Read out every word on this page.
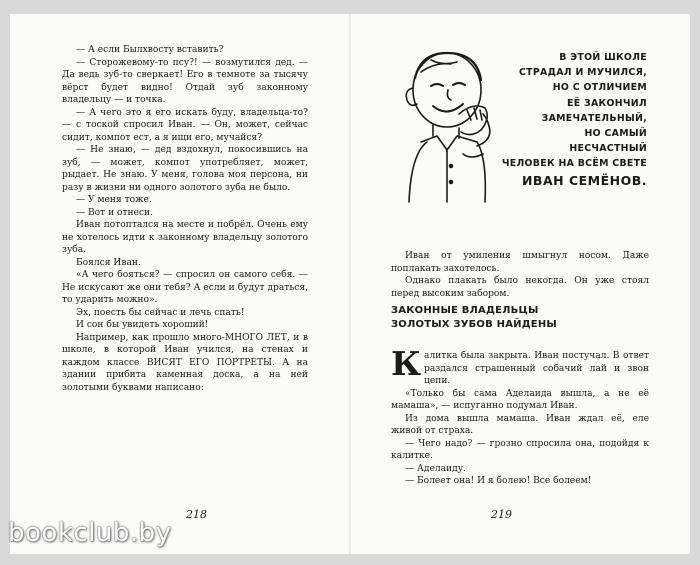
— А если Былхвосту вставить?

— Сторожевому-то псу?! — возмутился дед. — Да ведь зуб-то сверкает! Его в темноте за тысячу вёрст будет видно! Отдай зуб законному владельцу — и точка.

— А чего это я его искать буду, владельца-то? — с тоской спросил Иван. — Он, может, сейчас сидит, компот ест, а я ищи его, мучайся?

— Не знаю, — дед вздохнул, покосившись на зуб, — может, компот употребляет, может, рыдает. Не знаю. У меня, голова моя персона, ни разу в жизни ни одного золотого зуба не было.

— У меня тоже.

— Вот и отнеси.

Иван потоптался на месте и побрёл. Очень ему не хотелось идти к законному владельцу золотого зуба.

Боялся Иван.

«А чего бояться? — спросил он самого себя. — Не искусают же они тебя? А если и будут драться, то ударить можно».

Эх, поесть бы сейчас и лечь спать!

И сон бы увидеть хороший!

Например, как прошло много-МНОГО ЛЕТ, и в школе, в которой Иван учился, на стенах и каждом классе ВИСЯТ ЕГО ПОРТРЕТЫ. А на здании прибита каменная доска, а на ней золотыми буквами написано:

218
В ЭТОЙ ШКОЛЕ
СТРАДАЛ И МУЧИЛСЯ,
НО С ОТЛИЧИЕМ
ЕЁ ЗАКОНЧИЛ
ЗАМЕЧАТЕЛЬНЫЙ,
НО САМЫЙ
НЕСЧАСТНЫЙ
ЧЕЛОВЕК НА ВСЁМ СВЕТЕ
ИВАН СЕМЁНОВ.

Иван от умиления шмыгнул носом. Даже поплакать захотелось.

Однако плакать было некогда. Он уже стоял перед высоким забором.

ЗАКОННЫЕ ВЛАДЕЛЬЦЫ
ЗОЛОТЫХ ЗУБОВ НАЙДЕНЫ

Калитка была закрыта. Иван постучал. В ответ раздался страшенный собачий лай и звон цепи.

«Только бы сама Аделаида вышла, а не её мамаша», — испуганно подумал Иван.

Из дома вышла мамаша. Иван ждал её, еле живой от страха.

— Чего надо? — грозно спросила она, подойдя к калитке.

— Аделаиду.

— Болеет она! И я болею! Все болеем!

219
bookclub.by
